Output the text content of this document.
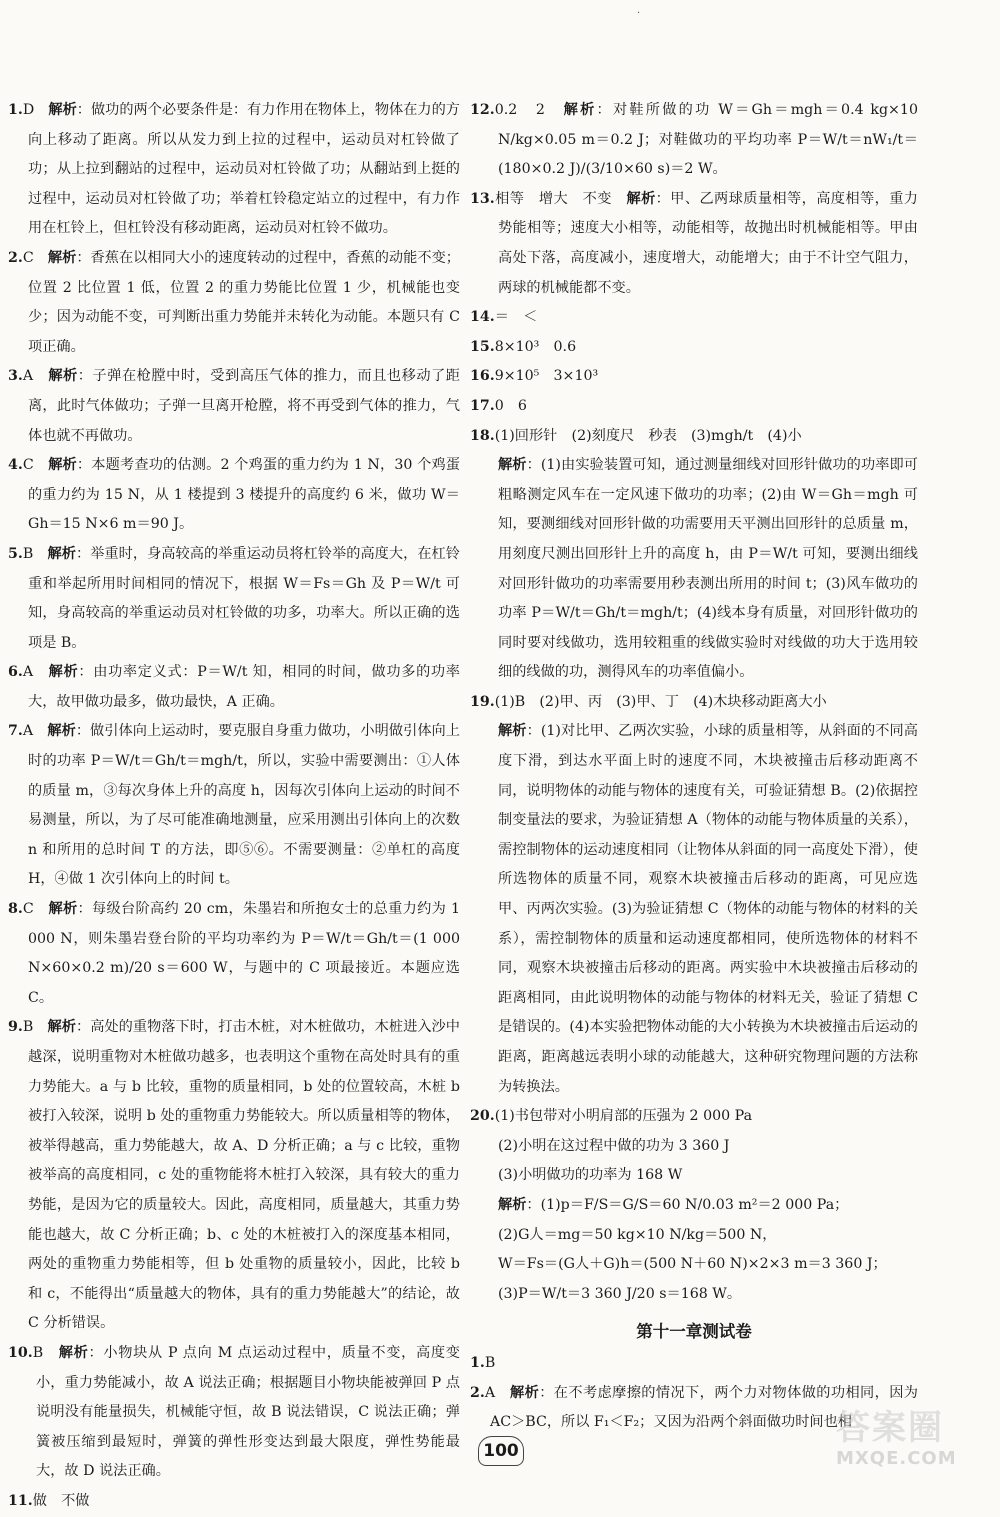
·

1.D　 解析：做功的两个必要条件是：有力作用在物体上，物体在力的方向上移动了距离。所以从发力到上拉的过程中，运动员对杠铃做了功；从上拉到翻站的过程中，运动员对杠铃做了功；从翻站到上挺的过程中，运动员对杠铃做了功；举着杠铃稳定站立的过程中，有力作用在杠铃上，但杠铃没有移动距离，运动员对杠铃不做功。

2.C　 解析：香蕉在以相同大小的速度转动的过程中，香蕉的动能不变；位置 2 比位置 1 低，位置 2 的重力势能比位置 1 少，机械能也变少；因为动能不变，可判断出重力势能并未转化为动能。本题只有 C 项正确。

3.A　 解析：子弹在枪膛中时，受到高压气体的推力，而且也移动了距离，此时气体做功；子弹一旦离开枪膛，将不再受到气体的推力，气体也就不再做功。

4.C　 解析：本题考查功的估测。2 个鸡蛋的重力约为 1 N，30 个鸡蛋的重力约为 15 N，从 1 楼提到 3 楼提升的高度约 6 米，做功 W＝Gh＝15 N×6 m＝90 J。

5.B　 解析：举重时，身高较高的举重运动员将杠铃举的高度大，在杠铃重和举起所用时间相同的情况下，根据 W＝Fs＝Gh 及 P＝W/t 可知，身高较高的举重运动员对杠铃做的功多，功率大。所以正确的选项是 B。

6.A　 解析：由功率定义式：P＝W/t 知，相同的时间，做功多的功率大，故甲做功最多，做功最快，A 正确。

7.A　 解析：做引体向上运动时，要克服自身重力做功，小明做引体向上时的功率 P＝W/t＝Gh/t＝mgh/t，所以，实验中需要测出：①人体的质量 m，③每次身体上升的高度 h，因每次引体向上运动的时间不易测量，所以，为了尽可能准确地测量，应采用测出引体向上的次数 n 和所用的总时间 T 的方法，即⑤⑥。不需要测量：②单杠的高度 H，④做 1 次引体向上的时间 t。

8.C　 解析：每级台阶高约 20 cm，朱墨岩和所抱女士的总重力约为 1 000 N，则朱墨岩登台阶的平均功率约为 P＝W/t＝Gh/t＝(1 000 N×60×0.2 m)/20 s＝600 W，与题中的 C 项最接近。本题应选 C。

9.B　 解析：高处的重物落下时，打击木桩，对木桩做功，木桩进入沙中越深，说明重物对木桩做功越多，也表明这个重物在高处时具有的重力势能大。a 与 b 比较，重物的质量相同，b 处的位置较高，木桩 b 被打入较深，说明 b 处的重物重力势能较大。所以质量相等的物体，被举得越高，重力势能越大，故 A、D 分析正确；a 与 c 比较，重物被举高的高度相同，c 处的重物能将木桩打入较深，具有较大的重力势能，是因为它的质量较大。因此，高度相同，质量越大，其重力势能也越大，故 C 分析正确；b、c 处的木桩被打入的深度基本相同，两处的重物重力势能相等，但 b 处重物的质量较小，因此，比较 b 和 c，不能得出“质量越大的物体，具有的重力势能越大”的结论，故 C 分析错误。

10.B　 解析：小物块从 P 点向 M 点运动过程中，质量不变，高度变小，重力势能减小，故 A 说法正确；根据题目小物块能被弹回 P 点说明没有能量损失，机械能守恒，故 B 说法错误，C 说法正确；弹簧被压缩到最短时，弹簧的弹性形变达到最大限度，弹性势能最大，故 D 说法正确。

11.做　不做

12.0.2　2　 解析：对鞋所做的功 W＝Gh＝mgh＝0.4 kg×10 N/kg×0.05 m＝0.2 J；对鞋做功的平均功率 P＝W/t＝nW₁/t＝(180×0.2 J)/(3/10×60 s)＝2 W。

13.相等　增大　不变　 解析：甲、乙两球质量相等，高度相等，重力势能相等；速度大小相等，动能相等，故抛出时机械能相等。甲由高处下落，高度减小，速度增大，动能增大；由于不计空气阻力，两球的机械能都不变。

14.＝　＜

15.8×10³　0.6

16.9×10⁵　3×10³

17.0　6

18.(1)回形针　(2)刻度尺　秒表　(3)mgh/t　(4)小

解析：(1)由实验装置可知，通过测量细线对回形针做功的功率即可粗略测定风车在一定风速下做功的功率；(2)由 W＝Gh＝mgh 可知，要测细线对回形针做的功需要用天平测出回形针的总质量 m，用刻度尺测出回形针上升的高度 h，由 P＝W/t 可知，要测出细线对回形针做功的功率需要用秒表测出所用的时间 t；(3)风车做功的功率 P＝W/t＝Gh/t＝mgh/t；(4)线本身有质量，对回形针做功的同时要对线做功，选用较粗重的线做实验时对线做的功大于选用较细的线做的功，测得风车的功率值偏小。

19.(1)B　(2)甲、丙　(3)甲、丁　(4)木块移动距离大小

解析：(1)对比甲、乙两次实验，小球的质量相等，从斜面的不同高度下滑，到达水平面上时的速度不同，木块被撞击后移动距离不同，说明物体的动能与物体的速度有关，可验证猜想 B。(2)依据控制变量法的要求，为验证猜想 A（物体的动能与物体质量的关系），需控制物体的运动速度相同（让物体从斜面的同一高度处下滑），使所选物体的质量不同，观察木块被撞击后移动的距离，可见应选甲、丙两次实验。(3)为验证猜想 C（物体的动能与物体的材料的关系），需控制物体的质量和运动速度都相同，使所选物体的材料不同，观察木块被撞击后移动的距离。两实验中木块被撞击后移动的距离相同，由此说明物体的动能与物体的材料无关，验证了猜想 C 是错误的。(4)本实验把物体动能的大小转换为木块被撞击后运动的距离，距离越远表明小球的动能越大，这种研究物理问题的方法称为转换法。

20.(1)书包带对小明肩部的压强为 2 000 Pa

(2)小明在这过程中做的功为 3 360 J

(3)小明做功的功率为 168 W

解析：(1)p＝F/S＝G/S＝60 N/0.03 m²＝2 000 Pa；

(2)G人＝mg＝50 kg×10 N/kg＝500 N，

W＝Fs＝(G人＋G)h＝(500 N＋60 N)×2×3 m＝3 360 J；

(3)P＝W/t＝3 360 J/20 s＝168 W。

第十一章测试卷

1.B

2.A　 解析：在不考虑摩擦的情况下，两个力对物体做的功相同，因为 AC＞BC，所以 F₁＜F₂；又因为沿两个斜面做功时间也相

100
答案圈
MXQE.COM
